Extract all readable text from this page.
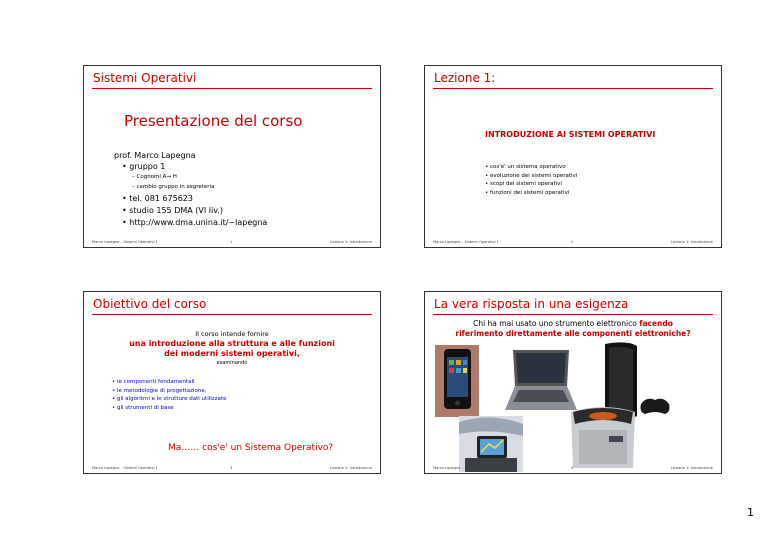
Sistemi Operativi
Presentazione del corso
prof. Marco Lapegna
• gruppo 1
– Cognomi A→ H
– cambio gruppo in segreteria
• tel. 081 675623
• studio 155 DMA (VI liv.)
• http://www.dma.unina.it/~lapegna
Marco Lapegna – Sistemi Operativi 1	1	Lezione 1: introduzione
Lezione 1:
INTRODUZIONE AI SISTEMI OPERATIVI
• cos'e' un sistema operativo
• evoluzione dei sistemi operativi
• scopi dei sistemi operativi
• funzioni dei sistemi operativi
Marco Lapegna – Sistemi Operativi 1	2	Lezione 1: introduzione
Obiettivo del corso
Il corso intende fornire
una introduzione alla struttura e alle funzioni
dei moderni sistemi operativi,
esaminando
• le componenti fondamentali
• le metodologie di progettazione,
• gli algoritmi e le strutture dati utilizzate
• gli strumenti di base
Ma…… cos'e' un Sistema Operativo?
Marco Lapegna – Sistemi Operativi 1	3	Lezione 1: introduzione
La vera risposta in una esigenza
Chi ha mai usato uno strumento elettronico facendo
riferimento direttamente alle componenti elettroniche?
Marco Lapegna – Sistemi Operativi 1	4	Lezione 1: introduzione
1
